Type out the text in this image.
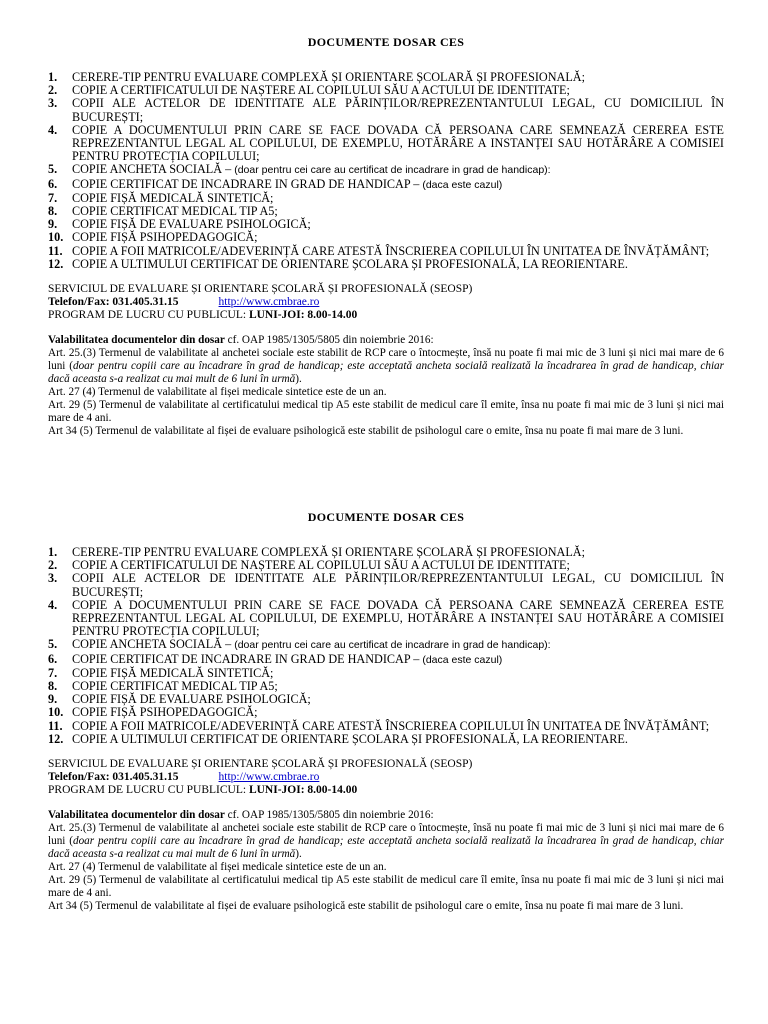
DOCUMENTE DOSAR CES
1. CERERE-TIP PENTRU EVALUARE COMPLEXĂ ȘI ORIENTARE ȘCOLARĂ ȘI PROFESIONALĂ;
2. COPIE A CERTIFICATULUI DE NAȘTERE AL COPILULUI SĂU A ACTULUI DE IDENTITATE;
3. COPII ALE ACTELOR DE IDENTITATE ALE PĂRINȚILOR/REPREZENTANTULUI LEGAL, CU DOMICILIUL ÎN BUCUREȘTI;
4. COPIE A DOCUMENTULUI PRIN CARE SE FACE DOVADA CĂ PERSOANA CARE SEMNEAZĂ CEREREA ESTE REPREZENTANTUL LEGAL AL COPILULUI, DE EXEMPLU, HOTĂRÂRE A INSTANȚEI SAU HOTĂRÂRE A COMISIEI PENTRU PROTECȚIA COPILULUI;
5. COPIE ANCHETA SOCIALĂ – (doar pentru cei care au certificat de incadrare in grad de handicap):
6. COPIE CERTIFICAT DE INCADRARE IN GRAD DE HANDICAP – (daca este cazul)
7. COPIE FIȘĂ MEDICALĂ SINTETICĂ;
8. COPIE CERTIFICAT MEDICAL TIP A5;
9. COPIE FIȘĂ DE EVALUARE PSIHOLOGICĂ;
10. COPIE FIȘĂ PSIHOPEDAGOGICĂ;
11. COPIE A FOII MATRICOLE/ADEVERINȚĂ CARE ATESTĂ ÎNSCRIEREA COPILULUI ÎN UNITATEA DE ÎNVĂȚĂMÂNT;
12. COPIE A ULTIMULUI CERTIFICAT DE ORIENTARE ȘCOLARA ȘI PROFESIONALĂ, LA REORIENTARE.
SERVICIUL DE EVALUARE ȘI ORIENTARE ȘCOLARĂ ȘI PROFESIONALĂ (SEOSP)
Telefon/Fax: 031.405.31.15	http://www.cmbrae.ro
PROGRAM DE LUCRU CU PUBLICUL: LUNI-JOI: 8.00-14.00

Valabilitatea documentelor din dosar cf. OAP 1985/1305/5805 din noiembrie 2016:

Art. 25.(3) Termenul de valabilitate al anchetei sociale este stabilit de RCP care o întocmește, însă nu poate fi mai mic de 3 luni și nici mai mare de 6 luni (doar pentru copiii care au încadrare în grad de handicap; este acceptată ancheta socială realizată la încadrarea în grad de handicap, chiar dacă aceasta s-a realizat cu mai mult de 6 luni în urmă).

Art. 27 (4) Termenul de valabilitate al fișei medicale sintetice este de un an.

Art. 29 (5) Termenul de valabilitate al certificatului medical tip A5 este stabilit de medicul care îl emite, însa nu poate fi mai mic de 3 luni și nici mai mare de 4 ani.

Art 34 (5) Termenul de valabilitate al fișei de evaluare psihologică este stabilit de psihologul care o emite, însa nu poate fi mai mare de 3 luni.

DOCUMENTE DOSAR CES
1. CERERE-TIP PENTRU EVALUARE COMPLEXĂ ȘI ORIENTARE ȘCOLARĂ ȘI PROFESIONALĂ;
2. COPIE A CERTIFICATULUI DE NAȘTERE AL COPILULUI SĂU A ACTULUI DE IDENTITATE;
3. COPII ALE ACTELOR DE IDENTITATE ALE PĂRINȚILOR/REPREZENTANTULUI LEGAL, CU DOMICILIUL ÎN BUCUREȘTI;
4. COPIE A DOCUMENTULUI PRIN CARE SE FACE DOVADA CĂ PERSOANA CARE SEMNEAZĂ CEREREA ESTE REPREZENTANTUL LEGAL AL COPILULUI, DE EXEMPLU, HOTĂRÂRE A INSTANȚEI SAU HOTĂRÂRE A COMISIEI PENTRU PROTECȚIA COPILULUI;
5. COPIE ANCHETA SOCIALĂ – (doar pentru cei care au certificat de incadrare in grad de handicap):
6. COPIE CERTIFICAT DE INCADRARE IN GRAD DE HANDICAP – (daca este cazul)
7. COPIE FIȘĂ MEDICALĂ SINTETICĂ;
8. COPIE CERTIFICAT MEDICAL TIP A5;
9. COPIE FIȘĂ DE EVALUARE PSIHOLOGICĂ;
10. COPIE FIȘĂ PSIHOPEDAGOGICĂ;
11. COPIE A FOII MATRICOLE/ADEVERINȚĂ CARE ATESTĂ ÎNSCRIEREA COPILULUI ÎN UNITATEA DE ÎNVĂȚĂMÂNT;
12. COPIE A ULTIMULUI CERTIFICAT DE ORIENTARE ȘCOLARA ȘI PROFESIONALĂ, LA REORIENTARE.
SERVICIUL DE EVALUARE ȘI ORIENTARE ȘCOLARĂ ȘI PROFESIONALĂ (SEOSP)
Telefon/Fax: 031.405.31.15	http://www.cmbrae.ro
PROGRAM DE LUCRU CU PUBLICUL: LUNI-JOI: 8.00-14.00

Valabilitatea documentelor din dosar cf. OAP 1985/1305/5805 din noiembrie 2016:

Art. 25.(3) Termenul de valabilitate al anchetei sociale este stabilit de RCP care o întocmește, însă nu poate fi mai mic de 3 luni și nici mai mare de 6 luni (doar pentru copiii care au încadrare în grad de handicap; este acceptată ancheta socială realizată la încadrarea în grad de handicap, chiar dacă aceasta s-a realizat cu mai mult de 6 luni în urmă).

Art. 27 (4) Termenul de valabilitate al fișei medicale sintetice este de un an.

Art. 29 (5) Termenul de valabilitate al certificatului medical tip A5 este stabilit de medicul care îl emite, însa nu poate fi mai mic de 3 luni și nici mai mare de 4 ani.

Art 34 (5) Termenul de valabilitate al fișei de evaluare psihologică este stabilit de psihologul care o emite, însa nu poate fi mai mare de 3 luni.
